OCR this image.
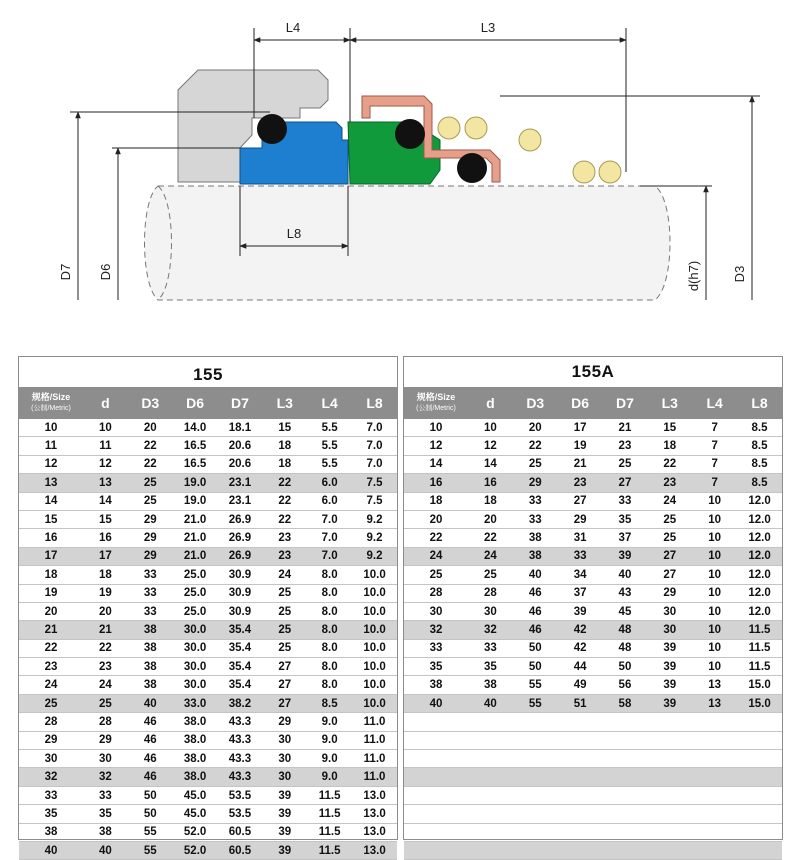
L4	L3
L8
D7 D6	d(h7) D3
155
规格/Size
(公制/Metric)	d	D3	D6	D7	L3	L4	L8
10	10	20	14.0	18.1	15	5.5	7.0
11	11	22	16.5	20.6	18	5.5	7.0
12	12	22	16.5	20.6	18	5.5	7.0
13	13	25	19.0	23.1	22	6.0	7.5
14	14	25	19.0	23.1	22	6.0	7.5
15	15	29	21.0	26.9	22	7.0	9.2
16	16	29	21.0	26.9	23	7.0	9.2
17	17	29	21.0	26.9	23	7.0	9.2
18	18	33	25.0	30.9	24	8.0	10.0
19	19	33	25.0	30.9	25	8.0	10.0
20	20	33	25.0	30.9	25	8.0	10.0
21	21	38	30.0	35.4	25	8.0	10.0
22	22	38	30.0	35.4	25	8.0	10.0
23	23	38	30.0	35.4	27	8.0	10.0
24	24	38	30.0	35.4	27	8.0	10.0
25	25	40	33.0	38.2	27	8.5	10.0
28	28	46	38.0	43.3	29	9.0	11.0
29	29	46	38.0	43.3	30	9.0	11.0
30	30	46	38.0	43.3	30	9.0	11.0
32	32	46	38.0	43.3	30	9.0	11.0
33	33	50	45.0	53.5	39	11.5	13.0
35	35	50	45.0	53.5	39	11.5	13.0
38	38	55	52.0	60.5	39	11.5	13.0
40	40	55	52.0	60.5	39	11.5	13.0
155A
规格/Size
(公制/Metric)	d	D3	D6	D7	L3	L4	L8
10	10	20	17	21	15	7	8.5
12	12	22	19	23	18	7	8.5
14	14	25	21	25	22	7	8.5
16	16	29	23	27	23	7	8.5
18	18	33	27	33	24	10	12.0
20	20	33	29	35	25	10	12.0
22	22	38	31	37	25	10	12.0
24	24	38	33	39	27	10	12.0
25	25	40	34	40	27	10	12.0
28	28	46	37	43	29	10	12.0
30	30	46	39	45	30	10	12.0
32	32	46	42	48	30	10	11.5
33	33	50	42	48	39	10	11.5
35	35	50	44	50	39	10	11.5
38	38	55	49	56	39	13	15.0
40	40	55	51	58	39	13	15.0
